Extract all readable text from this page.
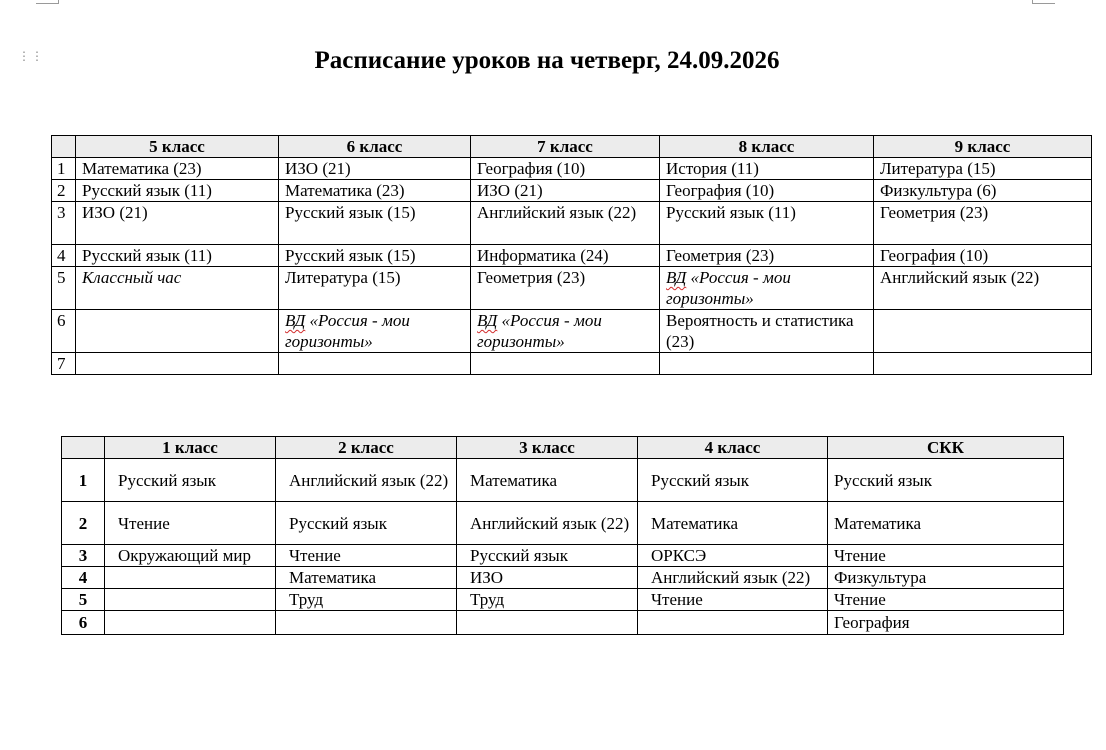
⋮⋮	Расписание уроков на четверг, 24.09.2026
	5 класс	6 класс	7 класс	8 класс	9 класс
1	Математика (23)	ИЗО (21)	География (10)	История (11)	Литература (15)
2	Русский язык (11)	Математика (23)	ИЗО (21)	География (10)	Физкультура (6)
3	ИЗО (21)	Русский язык (15)	Английский язык (22)	Русский язык (11)	Геометрия (23)
4	Русский язык (11)	Русский язык (15)	Информатика (24)	Геометрия (23)	География (10)
5	Классный час	Литература (15)	Геометрия (23)	ВД «Россия - мои горизонты»	Английский язык (22)
6		ВД «Россия - мои горизонты»	ВД «Россия - мои горизонты»	Вероятность и статистика (23)	
7					
	1 класс	2 класс	3 класс	4 класс	СКК
1	Русский язык	Английский язык (22)	Математика	Русский язык	Русский язык
2	Чтение	Русский язык	Английский язык (22)	Математика	Математика
3	Окружающий мир	Чтение	Русский язык	ОРКСЭ	Чтение
4		Математика	ИЗО	Английский язык (22)	Физкультура
5		Труд	Труд	Чтение	Чтение
6					География
